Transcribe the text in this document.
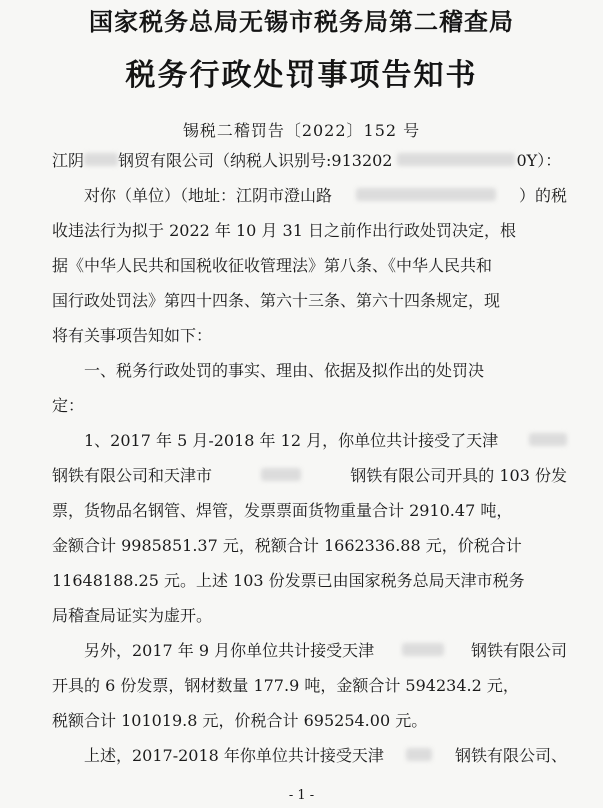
国家税务总局无锡市税务局第二稽查局
税务行政处罚事项告知书
锡税二稽罚告〔2022〕152 号
江阴 钢贸有限公司（纳税人识别号:913202	0Y）：
对你（单位）（地址：江阴市澄山路	）的税
收违法行为拟于 2022 年 10 月 31 日之前作出行政处罚决定，根
据《中华人民共和国税收征收管理法》第八条、《中华人民共和
国行政处罚法》第四十四条、第六十三条、第六十四条规定，现
将有关事项告知如下：
一、税务行政处罚的事实、理由、依据及拟作出的处罚决
定：
1、2017 年 5 月-2018 年 12 月，你单位共计接受了天津
钢铁有限公司和天津市	钢铁有限公司开具的 103 份发
票，货物品名钢管、焊管，发票票面货物重量合计 2910.47 吨，
金额合计 9985851.37 元，税额合计 1662336.88 元，价税合计
11648188.25 元。上述 103 份发票已由国家税务总局天津市税务
局稽查局证实为虚开。
另外，2017 年 9 月你单位共计接受天津	钢铁有限公司
开具的 6 份发票，钢材数量 177.9 吨，金额合计 594234.2 元，
税额合计 101019.8 元，价税合计 695254.00 元。
上述，2017-2018 年你单位共计接受天津	钢铁有限公司、
- 1 -
